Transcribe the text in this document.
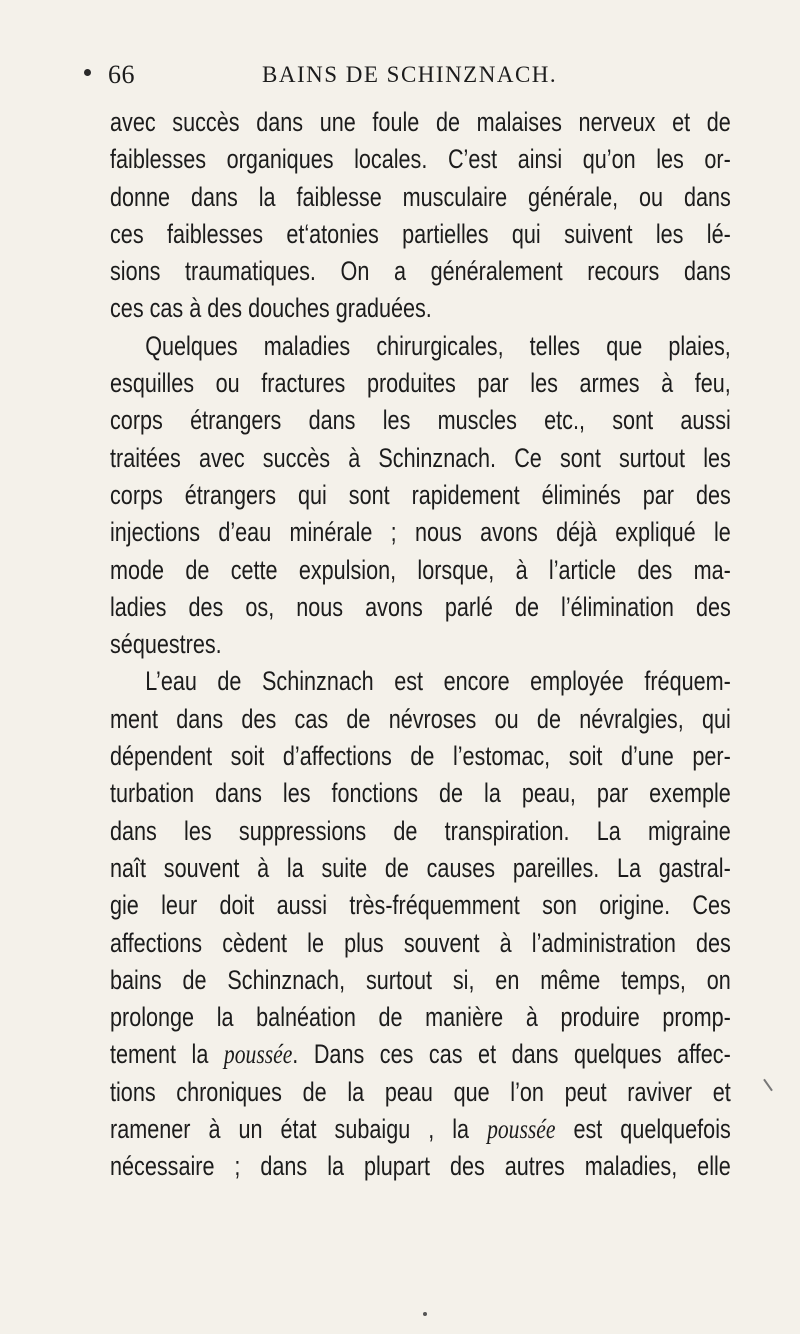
66	BAINS DE SCHINZNACH.
avec succès dans une foule de malaises nerveux et de
faiblesses organiques locales. C’est ainsi qu’on les or-
donne dans la faiblesse musculaire générale, ou dans
ces faiblesses et‘atonies partielles qui suivent les lé-
sions traumatiques. On a généralement recours dans
ces cas à des douches graduées.
Quelques maladies chirurgicales, telles que plaies,
esquilles ou fractures produites par les armes à feu,
corps étrangers dans les muscles etc., sont aussi
traitées avec succès à Schinznach. Ce sont surtout les
corps étrangers qui sont rapidement éliminés par des
injections d’eau minérale ; nous avons déjà expliqué le
mode de cette expulsion, lorsque, à l’article des ma-
ladies des os, nous avons parlé de l’élimination des
séquestres.
L’eau de Schinznach est encore employée fréquem-
ment dans des cas de névroses ou de névralgies, qui
dépendent soit d’affections de l’estomac, soit d’une per-
turbation dans les fonctions de la peau, par exemple
dans les suppressions de transpiration. La migraine
naît souvent à la suite de causes pareilles. La gastral-
gie leur doit aussi très-fréquemment son origine. Ces
affections cèdent le plus souvent à l’administration des
bains de Schinznach, surtout si, en même temps, on
prolonge la balnéation de manière à produire promp-
tement la poussée. Dans ces cas et dans quelques affec-
tions chroniques de la peau que l’on peut raviver et
ramener à un état subaigu , la poussée est quelquefois
nécessaire ; dans la plupart des autres maladies, elle
